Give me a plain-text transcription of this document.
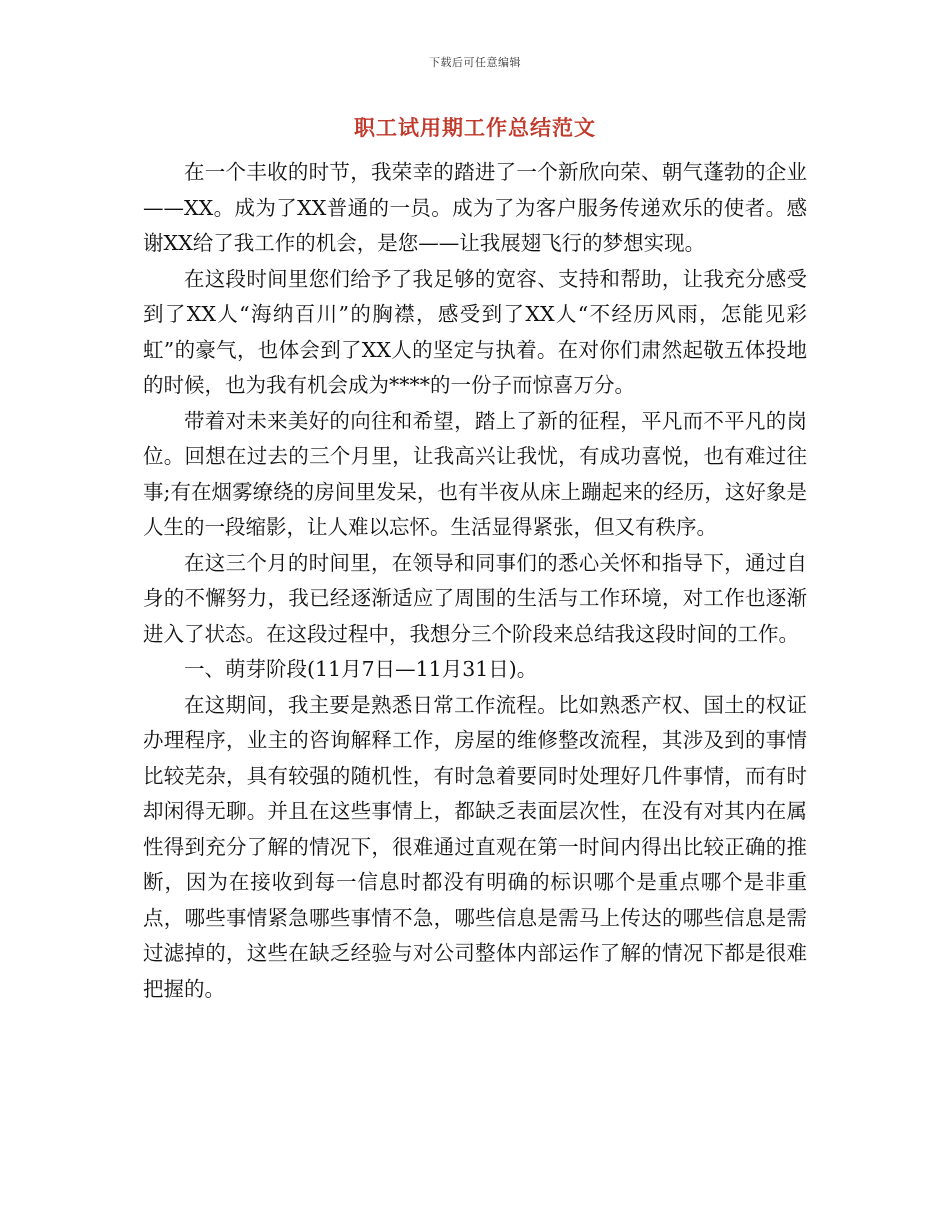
下载后可任意编辑
职工试用期工作总结范文

在一个丰收的时节，我荣幸的踏进了一个新欣向荣、朝气蓬勃的企业——XX。成为了XX普通的一员。成为了为客户服务传递欢乐的使者。感谢XX给了我工作的机会，是您——让我展翅飞行的梦想实现。

在这段时间里您们给予了我足够的宽容、支持和帮助，让我充分感受到了XX人“海纳百川”的胸襟，感受到了XX人“不经历风雨，怎能见彩虹”的豪气，也体会到了XX人的坚定与执着。在对你们肃然起敬五体投地的时候，也为我有机会成为****的一份子而惊喜万分。

带着对未来美好的向往和希望，踏上了新的征程，平凡而不平凡的岗位。回想在过去的三个月里，让我高兴让我忧，有成功喜悦，也有难过往事;有在烟雾缭绕的房间里发呆，也有半夜从床上蹦起来的经历，这好象是人生的一段缩影，让人难以忘怀。生活显得紧张，但又有秩序。

在这三个月的时间里，在领导和同事们的悉心关怀和指导下，通过自身的不懈努力，我已经逐渐适应了周围的生活与工作环境，对工作也逐渐进入了状态。在这段过程中，我想分三个阶段来总结我这段时间的工作。

一、萌芽阶段(11月7日—11月31日)。

在这期间，我主要是熟悉日常工作流程。比如熟悉产权、国土的权证办理程序，业主的咨询解释工作，房屋的维修整改流程，其涉及到的事情比较芜杂，具有较强的随机性，有时急着要同时处理好几件事情，而有时却闲得无聊。并且在这些事情上，都缺乏表面层次性，在没有对其内在属性得到充分了解的情况下，很难通过直观在第一时间内得出比较正确的推断，因为在接收到每一信息时都没有明确的标识哪个是重点哪个是非重点，哪些事情紧急哪些事情不急，哪些信息是需马上传达的哪些信息是需过滤掉的，这些在缺乏经验与对公司整体内部运作了解的情况下都是很难把握的。
